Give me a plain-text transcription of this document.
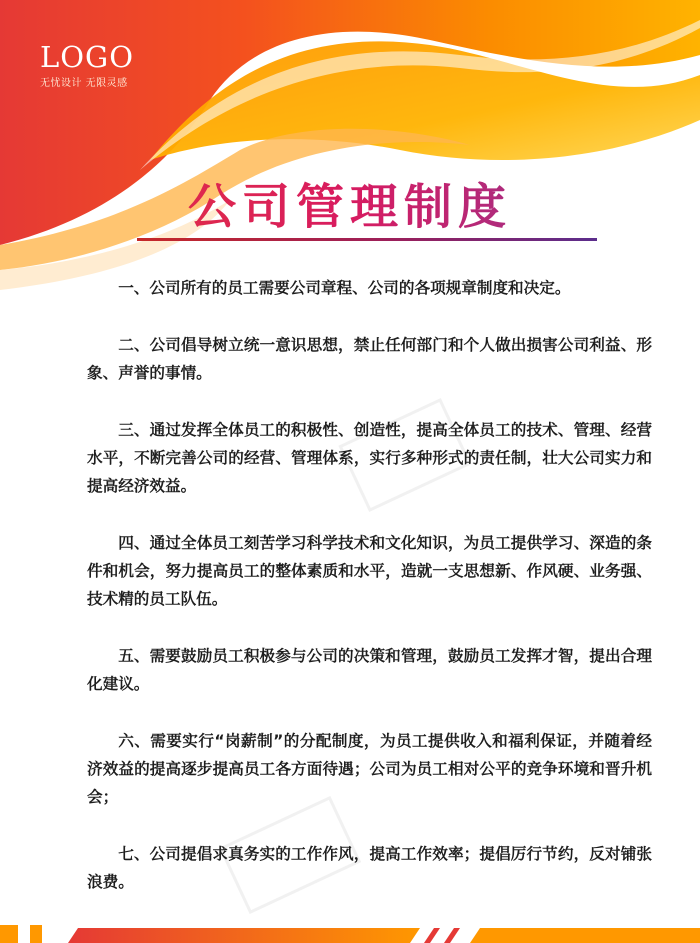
LOGO
无忧设计 无限灵感
公司管理制度

一、公司所有的员工需要公司章程、公司的各项规章制度和决定。

二、公司倡导树立统一意识思想，禁止任何部门和个人做出损害公司利益、形象、声誉的事情。

三、通过发挥全体员工的积极性、创造性，提高全体员工的技术、管理、经营水平，不断完善公司的经营、管理体系，实行多种形式的责任制，壮大公司实力和提高经济效益。

四、通过全体员工刻苦学习科学技术和文化知识，为员工提供学习、深造的条件和机会，努力提高员工的整体素质和水平，造就一支思想新、作风硬、业务强、技术精的员工队伍。

五、需要鼓励员工积极参与公司的决策和管理，鼓励员工发挥才智，提出合理化建议。

六、需要实行“岗薪制”的分配制度，为员工提供收入和福利保证，并随着经济效益的提高逐步提高员工各方面待遇；公司为员工相对公平的竞争环境和晋升机会；

七、公司提倡求真务实的工作作风，提高工作效率；提倡厉行节约，反对铺张浪费。
